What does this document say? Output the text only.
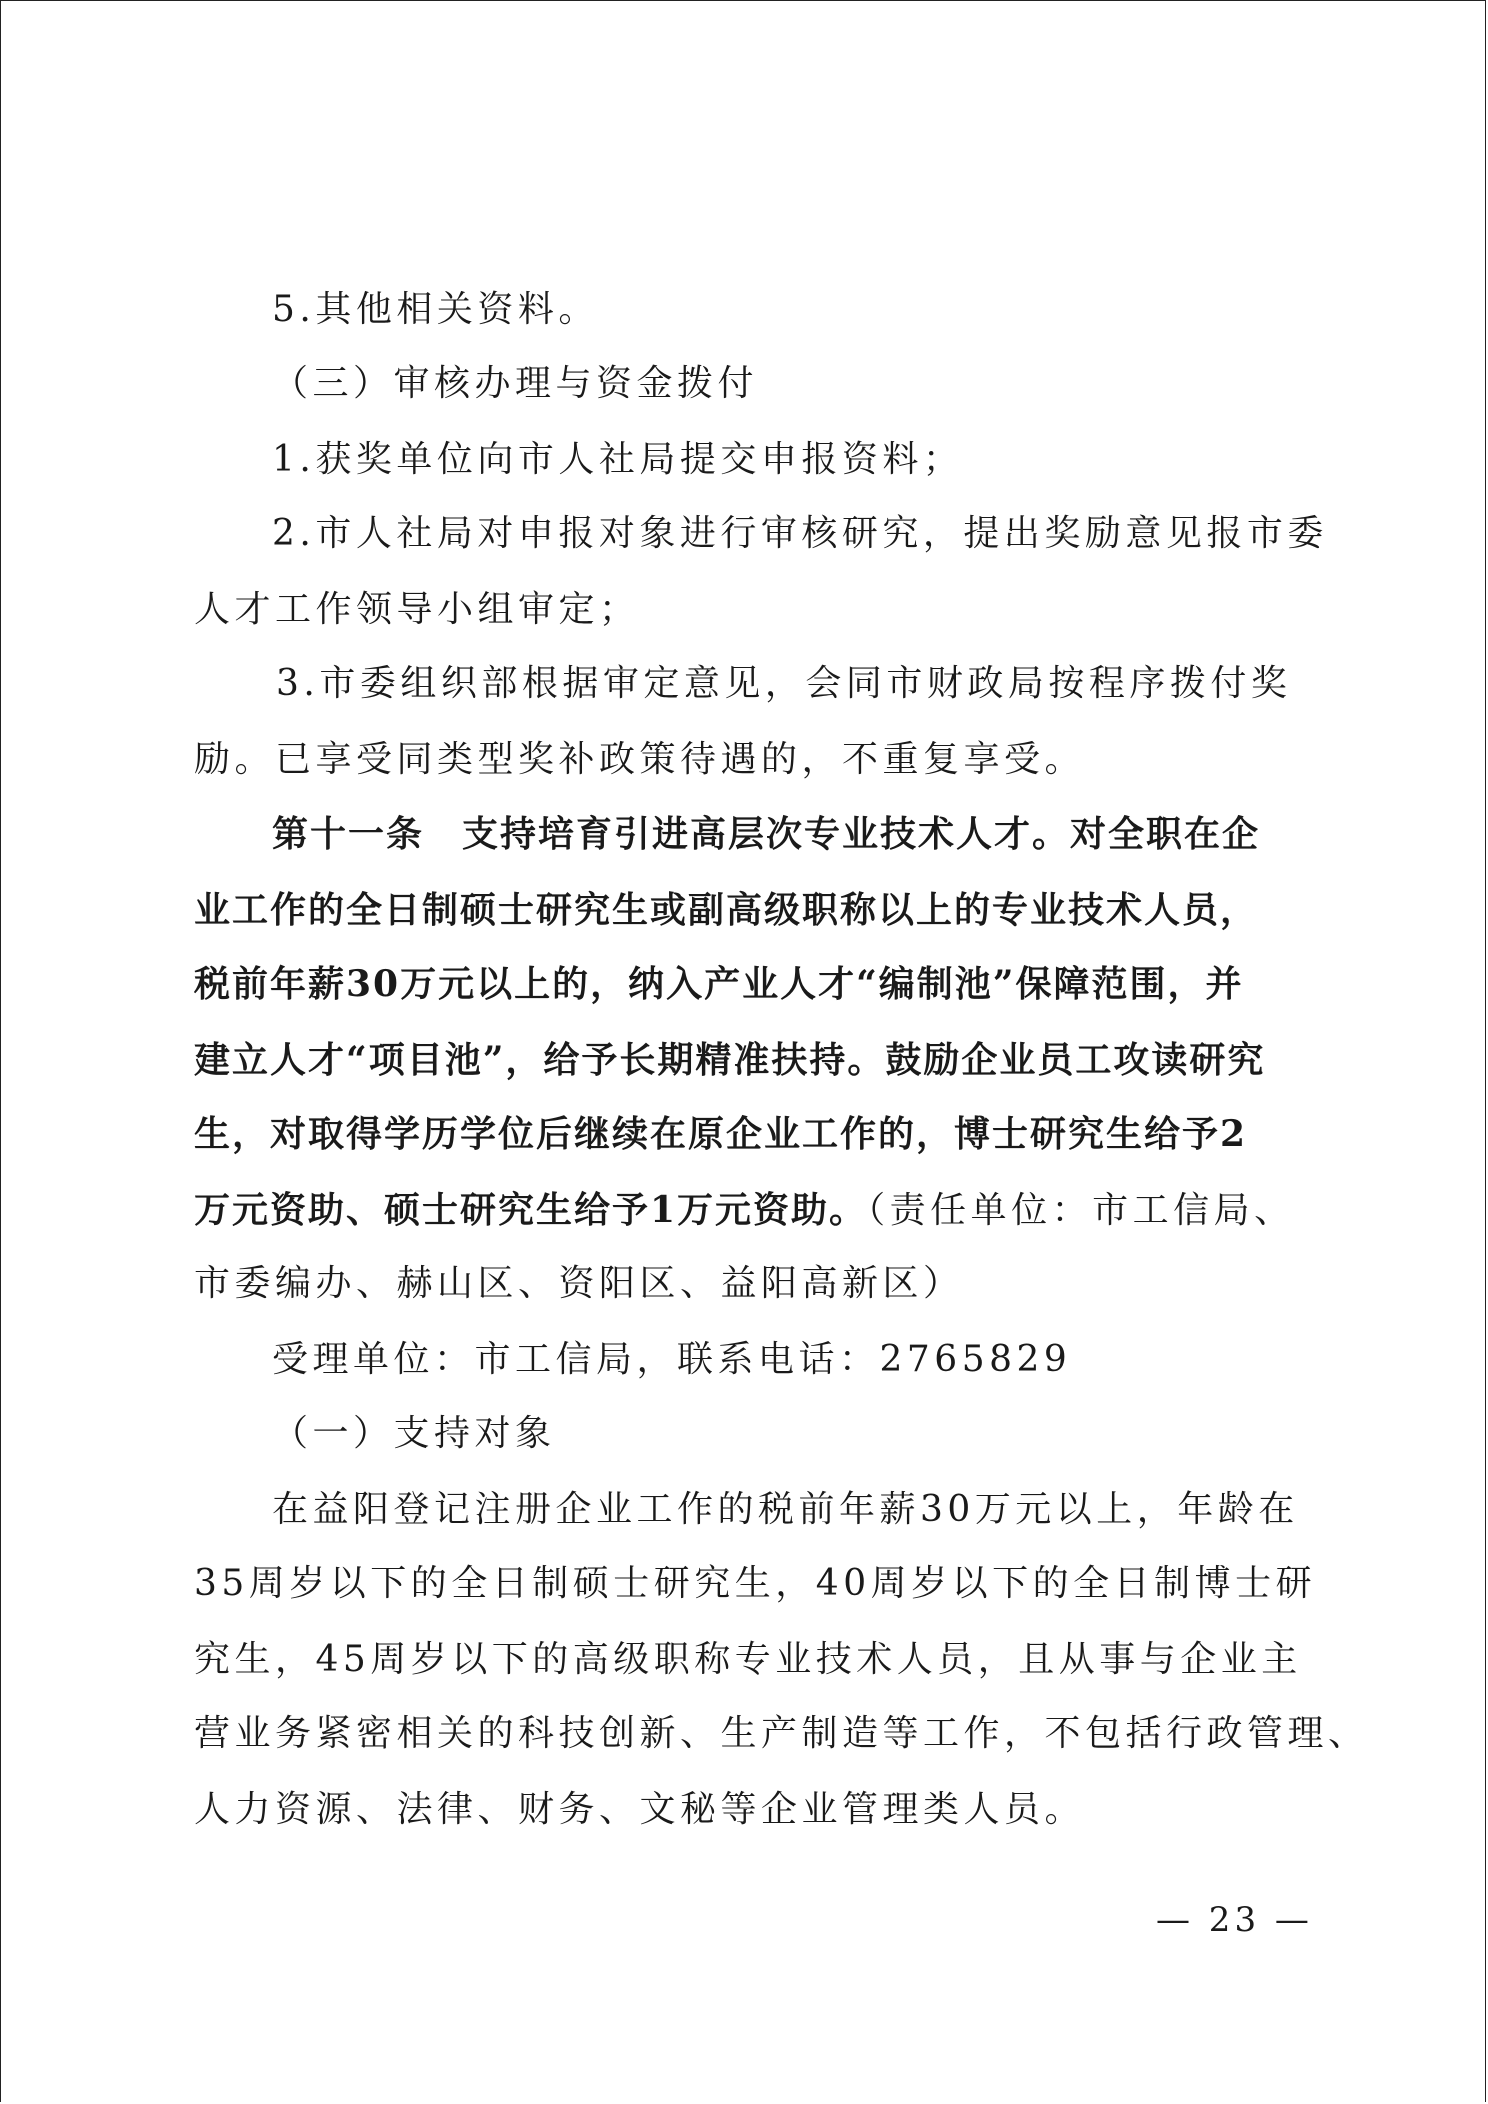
5.其他相关资料。
（三）审核办理与资金拨付
1.获奖单位向市人社局提交申报资料；
2.市人社局对申报对象进行审核研究，提出奖励意见报市委
人才工作领导小组审定；
3.市委组织部根据审定意见，会同市财政局按程序拨付奖
励。已享受同类型奖补政策待遇的，不重复享受。
第十一条　支持培育引进高层次专业技术人才。对全职在企
业工作的全日制硕士研究生或副高级职称以上的专业技术人员，
税前年薪30万元以上的，纳入产业人才“编制池”保障范围，并
建立人才“项目池”，给予长期精准扶持。鼓励企业员工攻读研究
生，对取得学历学位后继续在原企业工作的，博士研究生给予2
万元资助、硕士研究生给予1万元资助。（责任单位：市工信局、
市委编办、赫山区、资阳区、益阳高新区）
受理单位：市工信局，联系电话：2765829
（一）支持对象
在益阳登记注册企业工作的税前年薪30万元以上，年龄在
35周岁以下的全日制硕士研究生，40周岁以下的全日制博士研
究生，45周岁以下的高级职称专业技术人员，且从事与企业主
营业务紧密相关的科技创新、生产制造等工作，不包括行政管理、
人力资源、法律、财务、文秘等企业管理类人员。
— 23 —
